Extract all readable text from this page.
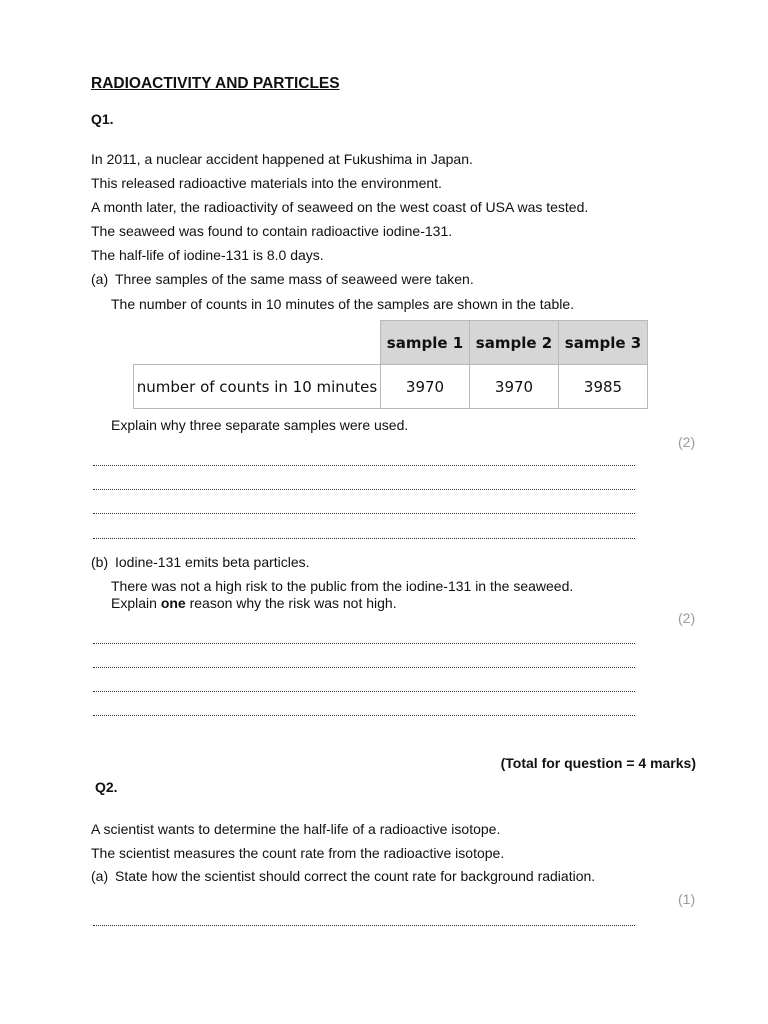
RADIOACTIVITY AND PARTICLES
Q1.
In 2011, a nuclear accident happened at Fukushima in Japan.
This released radioactive materials into the environment.
A month later, the radioactivity of seaweed on the west coast of USA was tested.
The seaweed was found to contain radioactive iodine-131.
The half-life of iodine-131 is 8.0 days.
(a) Three samples of the same mass of seaweed were taken.
The number of counts in 10 minutes of the samples are shown in the table.
	sample 1	sample 2	sample 3
number of counts in 10 minutes	3970	3970	3985
Explain why three separate samples were used.
(2)
(b) Iodine-131 emits beta particles.
There was not a high risk to the public from the iodine-131 in the seaweed.
Explain one reason why the risk was not high.
(2)
(Total for question = 4 marks)
Q2.
A scientist wants to determine the half-life of a radioactive isotope.
The scientist measures the count rate from the radioactive isotope.
(a) State how the scientist should correct the count rate for background radiation.
(1)
